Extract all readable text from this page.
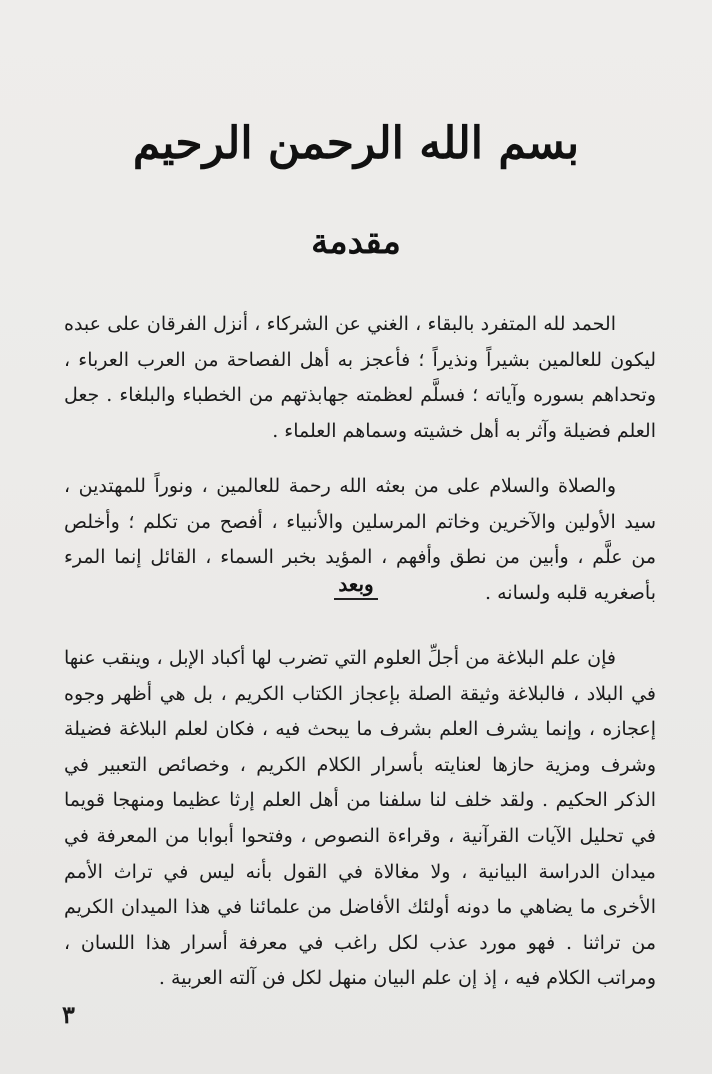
بسم الله الرحمن الرحيم
مقدمة

الحمد لله المتفرد بالبقاء ، الغني عن الشركاء ، أنزل الفرقان على عبده ليكون للعالمين بشيراً ونذيراً ؛ فأعجز به أهل الفصاحة من العرب العرباء ، وتحداهم بسوره وآياته ؛ فسلَّم لعظمته جهابذتهم من الخطباء والبلغاء . جعل العلم فضيلة وآثر به أهل خشيته وسماهم العلماء .

والصلاة والسلام على من بعثه الله رحمة للعالمين ، ونوراً للمهتدين ، سيد الأولين والآخرين وخاتم المرسلين والأنبياء ، أفصح من تكلم ؛ وأخلص من علَّم ، وأبين من نطق وأفهم ، المؤيد بخبر السماء ، القائل إنما المرء بأصغريه قلبه ولسانه .

وبعد

فإن علم البلاغة من أجلِّ العلوم التي تضرب لها أكباد الإبل ، وينقب عنها في البلاد ، فالبلاغة وثيقة الصلة بإعجاز الكتاب الكريم ، بل هي أظهر وجوه إعجازه ، وإنما يشرف العلم بشرف ما يبحث فيه ، فكان لعلم البلاغة فضيلة وشرف ومزية حازها لعنايته بأسرار الكلام الكريم ، وخصائص التعبير في الذكر الحكيم . ولقد خلف لنا سلفنا من أهل العلم إرثا عظيما ومنهجا قويما في تحليل الآيات القرآنية ، وقراءة النصوص ، وفتحوا أبوابا من المعرفة في ميدان الدراسة البيانية ، ولا مغالاة في القول بأنه ليس في تراث الأمم الأخرى ما يضاهي ما دونه أولئك الأفاضل من علمائنا في هذا الميدان الكريم من تراثنا . فهو مورد عذب لكل راغب في معرفة أسرار هذا اللسان ، ومراتب الكلام فيه ، إذ إن علم البيان منهل لكل فن آلته العربية .

٣
